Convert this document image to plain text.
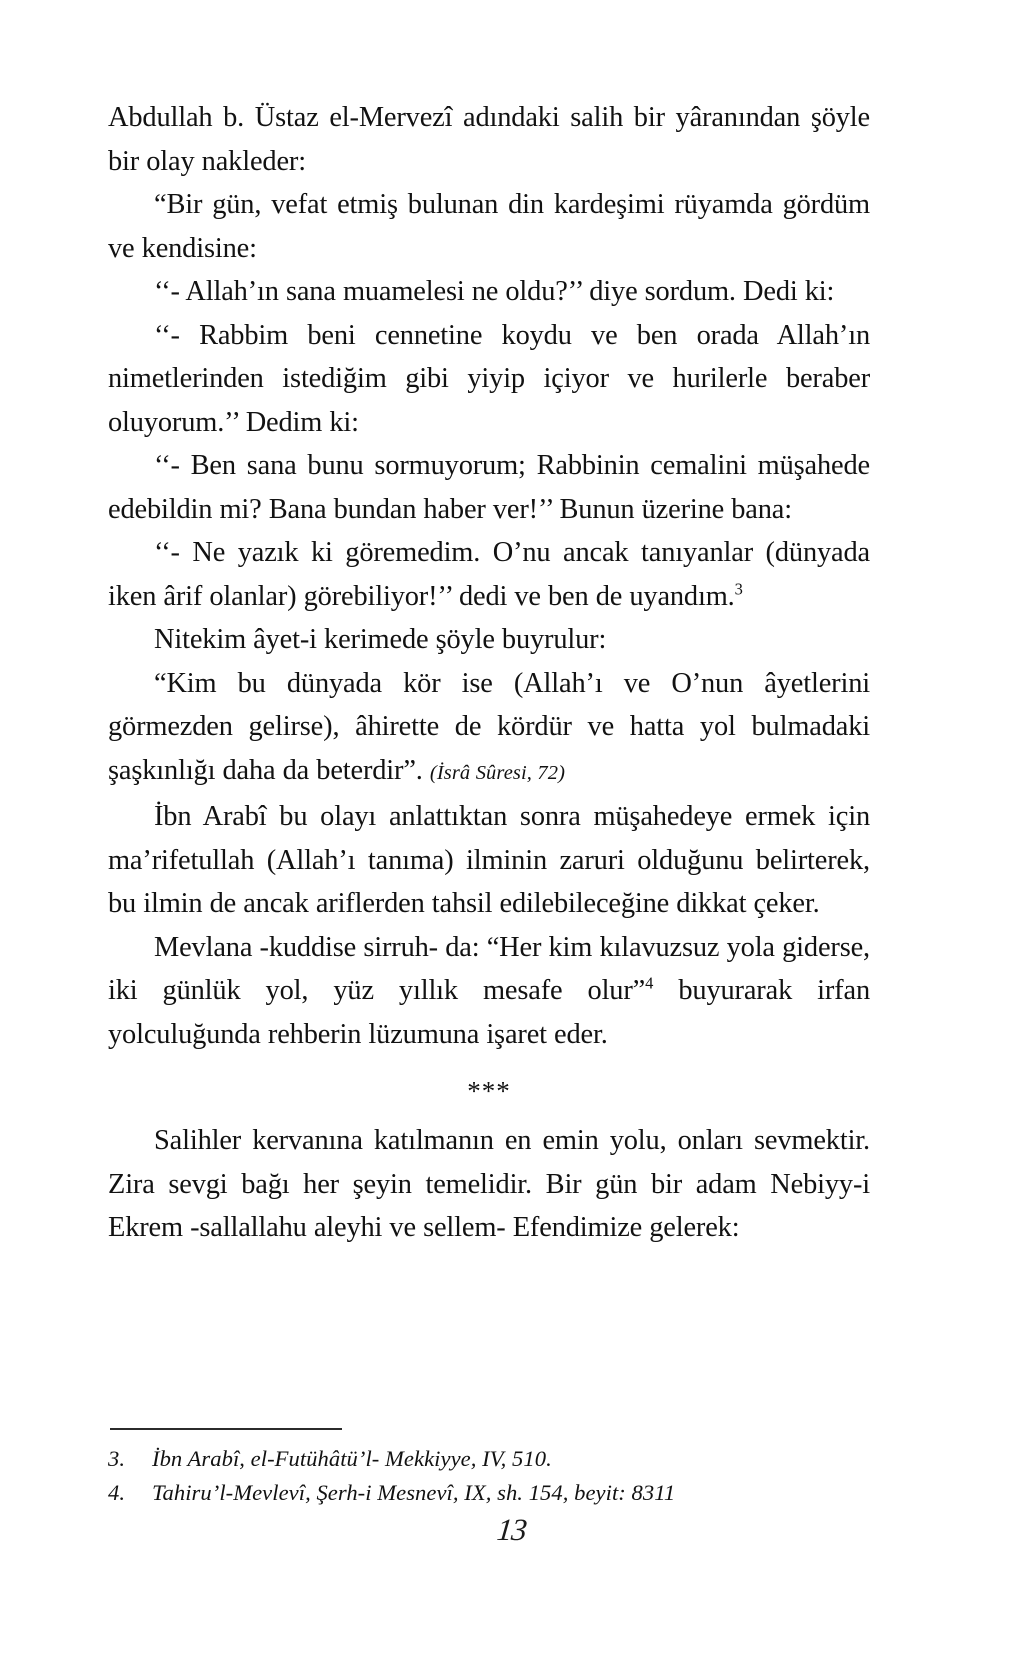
Abdullah b. Üstaz el-Mervezî adındaki salih bir yâranından şöyle bir olay nakleder:

“Bir gün, vefat etmiş bulunan din kardeşimi rüyamda gördüm ve kendisine:

‘‘- Allah’ın sana muamelesi ne oldu?’’ diye sordum. Dedi ki:

‘‘- Rabbim beni cennetine koydu ve ben orada Allah’ın nimetlerinden istediğim gibi yiyip içiyor ve hurilerle beraber oluyorum.’’ Dedim ki:

‘‘- Ben sana bunu sormuyorum; Rabbinin cemalini müşahede edebildin mi? Bana bundan haber ver!’’ Bunun üzerine bana:

‘‘- Ne yazık ki göremedim. O’nu ancak tanıyanlar (dünyada iken ârif olanlar) görebiliyor!’’ dedi ve ben de uyandım.$^3$

Nitekim âyet-i kerimede şöyle buyrulur:

“Kim bu dünyada kör ise (Allah’ı ve O’nun âyetlerini görmezden gelirse), âhirette de kördür ve hatta yol bulmadaki şaşkınlığı daha da beterdir”. (İsrâ Sûresi, 72)

İbn Arabî bu olayı anlattıktan sonra müşahedeye ermek için ma’rifetullah (Allah’ı tanıma) ilminin zaruri olduğunu belirterek, bu ilmin de ancak ariflerden tahsil edilebileceğine dikkat çeker.

Mevlana -kuddise sirruh- da: “Her kim kılavuzsuz yola giderse, iki günlük yol, yüz yıllık mesafe olur”$^4$ buyurarak irfan yolculuğunda rehberin lüzumuna işaret eder.

***

Salihler kervanına katılmanın en emin yolu, onları sevmektir. Zira sevgi bağı her şeyin temelidir. Bir gün bir adam Nebiyy-i Ekrem -sallallahu aleyhi ve sellem- Efendimize gelerek:

3. İbn Arabî, el-Futühâtü’l- Mekkiyye, IV, 510.
4. Tahiru’l-Mevlevî, Şerh-i Mesnevî, IX, sh. 154, beyit: 8311
13
